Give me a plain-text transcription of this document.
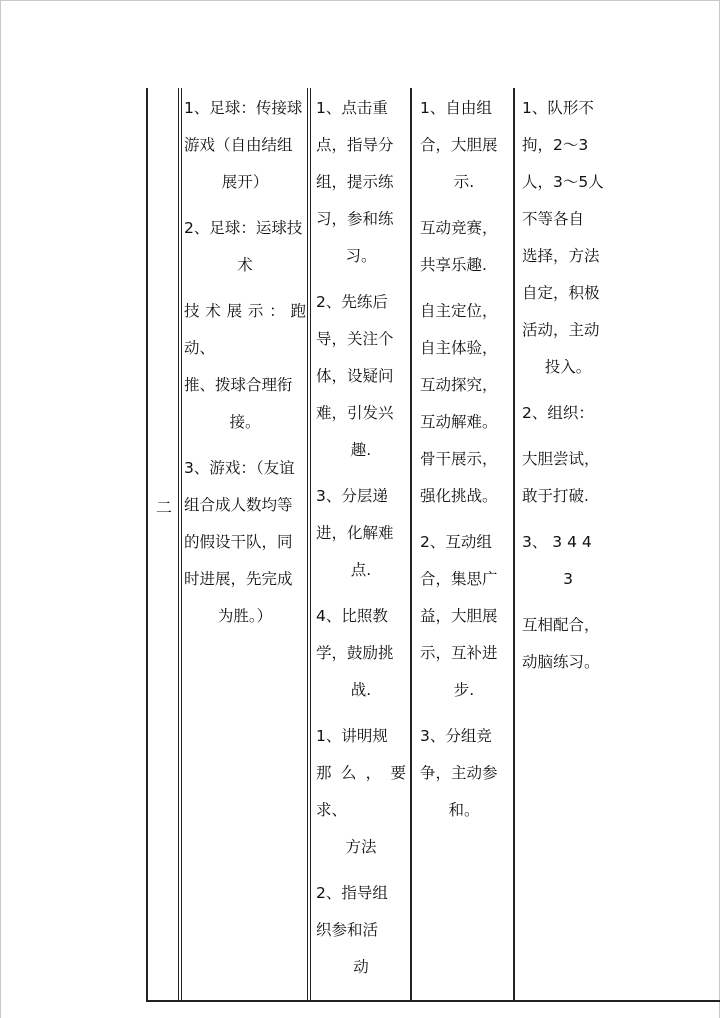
二
1、足球：传接球
游戏（自由结组
展开）
2、足球：运球技
术
技术展示：跑动、
推、拨球合理衔
接。
3、游戏：（友谊
组合成人数均等
的假设干队，同
时进展，先完成
为胜。）
1、点击重
点，指导分
组，提示练
习，参和练
习。
2、先练后
导，关注个
体，设疑问
难，引发兴
趣.
3、分层递
进，化解难
点.
4、比照教
学，鼓励挑
战.
1、讲明规
那么，要求、
方法
2、指导组
织参和活
动
1、自由组
合，大胆展
示.
互动竞赛，
共享乐趣.
自主定位，
自主体验，
互动探究，
互动解难。
骨干展示，
强化挑战。
2、互动组
合，集思广
益，大胆展
示，互补进
步.
3、分组竞
争，主动参
和。
1、队形不
拘，2～3
人，3～5人
不等各自
选择，方法
自定，积极
活动，主动
投入。
2、组织：
大胆尝试，
敢于打破.
3、 3 4 4
3
互相配合，
动脑练习。
